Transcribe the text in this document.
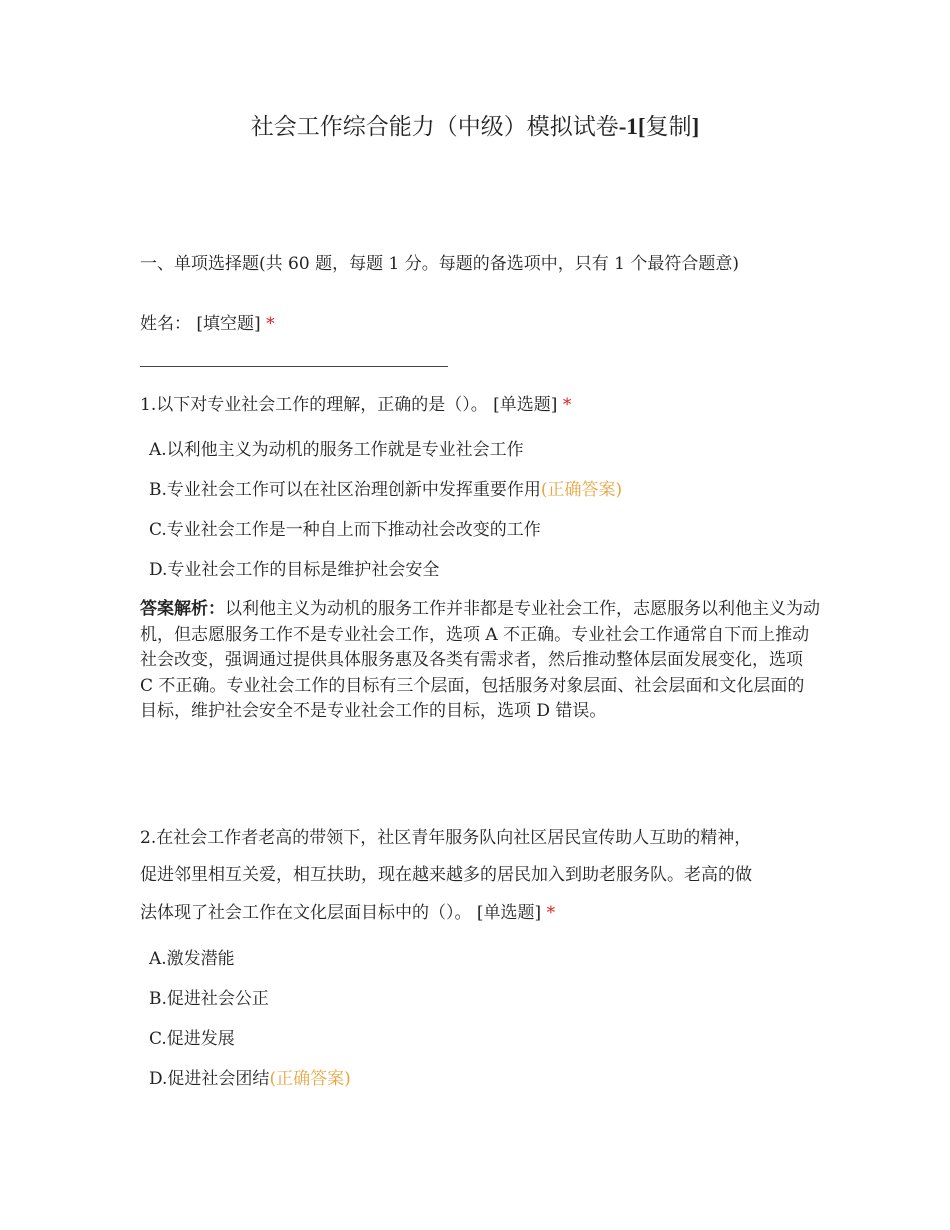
社会工作综合能力（中级）模拟试卷-1[复制]
一、单项选择题(共 60 题，每题 1 分。每题的备选项中，只有 1 个最符合题意)
姓名： [填空题] *
1.以下对专业社会工作的理解，正确的是（）。 [单选题] *
A.以利他主义为动机的服务工作就是专业社会工作
B.专业社会工作可以在社区治理创新中发挥重要作用(正确答案)
C.专业社会工作是一种自上而下推动社会改变的工作
D.专业社会工作的目标是维护社会安全
答案解析：以利他主义为动机的服务工作并非都是专业社会工作，志愿服务以利他主义为动机，但志愿服务工作不是专业社会工作，选项 A 不正确。专业社会工作通常自下而上推动社会改变，强调通过提供具体服务惠及各类有需求者，然后推动整体层面发展变化，选项 C 不正确。专业社会工作的目标有三个层面，包括服务对象层面、社会层面和文化层面的目标，维护社会安全不是专业社会工作的目标，选项 D 错误。
2.在社会工作者老高的带领下，社区青年服务队向社区居民宣传助人互助的精神，
促进邻里相互关爱，相互扶助，现在越来越多的居民加入到助老服务队。老高的做
法体现了社会工作在文化层面目标中的（）。 [单选题] *
A.激发潜能
B.促进社会公正
C.促进发展
D.促进社会团结(正确答案)
